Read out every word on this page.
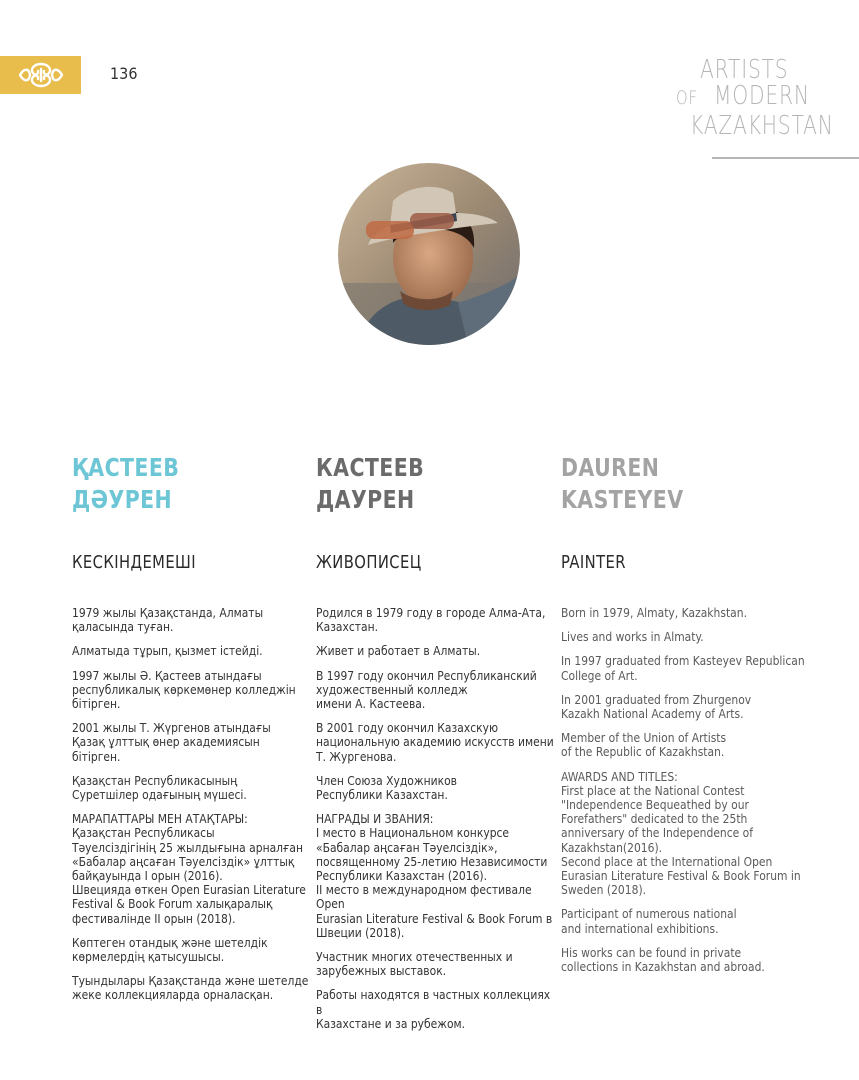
136	ARTISTS
OF MODERN
KAZAKHSTAN
ҚАСТЕЕВ
ДӘУРЕН
КЕСКІНДЕМЕШІ
КАСТЕЕВ
ДАУРЕН
ЖИВОПИСЕЦ
DAUREN
KASTEYEV
PAINTER

1979 жылы Қазақстанда, Алматы
қаласында туған.

Алматыда тұрып, қызмет істейді.

1997 жылы Ә. Қастеев атындағы
республикалық көркемөнер колледжін
бітірген.

2001 жылы Т. Жүргенов атындағы
Қазақ ұлттық өнер академиясын бітірген.

Қазақстан Республикасының
Суретшілер одағының мүшесі.

МАРАПАТТАРЫ МЕН АТАҚТАРЫ:
Қазақстан Республикасы
Тәуелсіздігінің 25 жылдығына арналған
«Бабалар аңсаған Тәуелсіздік» ұлттық
байқауында I орын (2016).
Швецияда өткен Open Eurasian Literature
Festival & Book Forum халықаралық
фестивалінде II орын (2018).

Көптеген отандық және шетелдік
көрмелердің қатысушысы.

Туындылары Қазақстанда және шетелде
жеке коллекцияларда орналасқан.

Родился в 1979 году в городе Алма-Ата,
Казахстан.

Живет и работает в Алматы.

В 1997 году окончил Республиканский
художественный колледж
имени А. Кастеева.

В 2001 году окончил Казахскую
национальную академию искусств имени
Т. Жургенова.

Член Союза Художников
Республики Казахстан.

НАГРАДЫ И ЗВАНИЯ:
I место в Национальном конкурсе
«Бабалар аңсаған Тәуелсіздік»,
посвященному 25-летию Независимости
Республики Казахстан (2016).
II место в международном фестивале Open
Eurasian Literature Festival & Book Forum в
Швеции (2018).

Участник многих отечественных и
зарубежных выставок.

Работы находятся в частных коллекциях в
Казахстане и за рубежом.

Born in 1979, Almaty, Kazakhstan.

Lives and works in Almaty.

In 1997 graduated from Kasteyev Republican
College of Art.

In 2001 graduated from Zhurgenov
Kazakh National Academy of Arts.

Member of the Union of Artists
of the Republic of Kazakhstan.

AWARDS AND TITLES:
First place at the National Contest
"Independence Bequeathed by our
Forefathers" dedicated to the 25th
anniversary of the Independence of
Kazakhstan(2016).
Second place at the International Open
Eurasian Literature Festival & Book Forum in
Sweden (2018).

Participant of numerous national
and international exhibitions.

His works can be found in private
collections in Kazakhstan and abroad.
